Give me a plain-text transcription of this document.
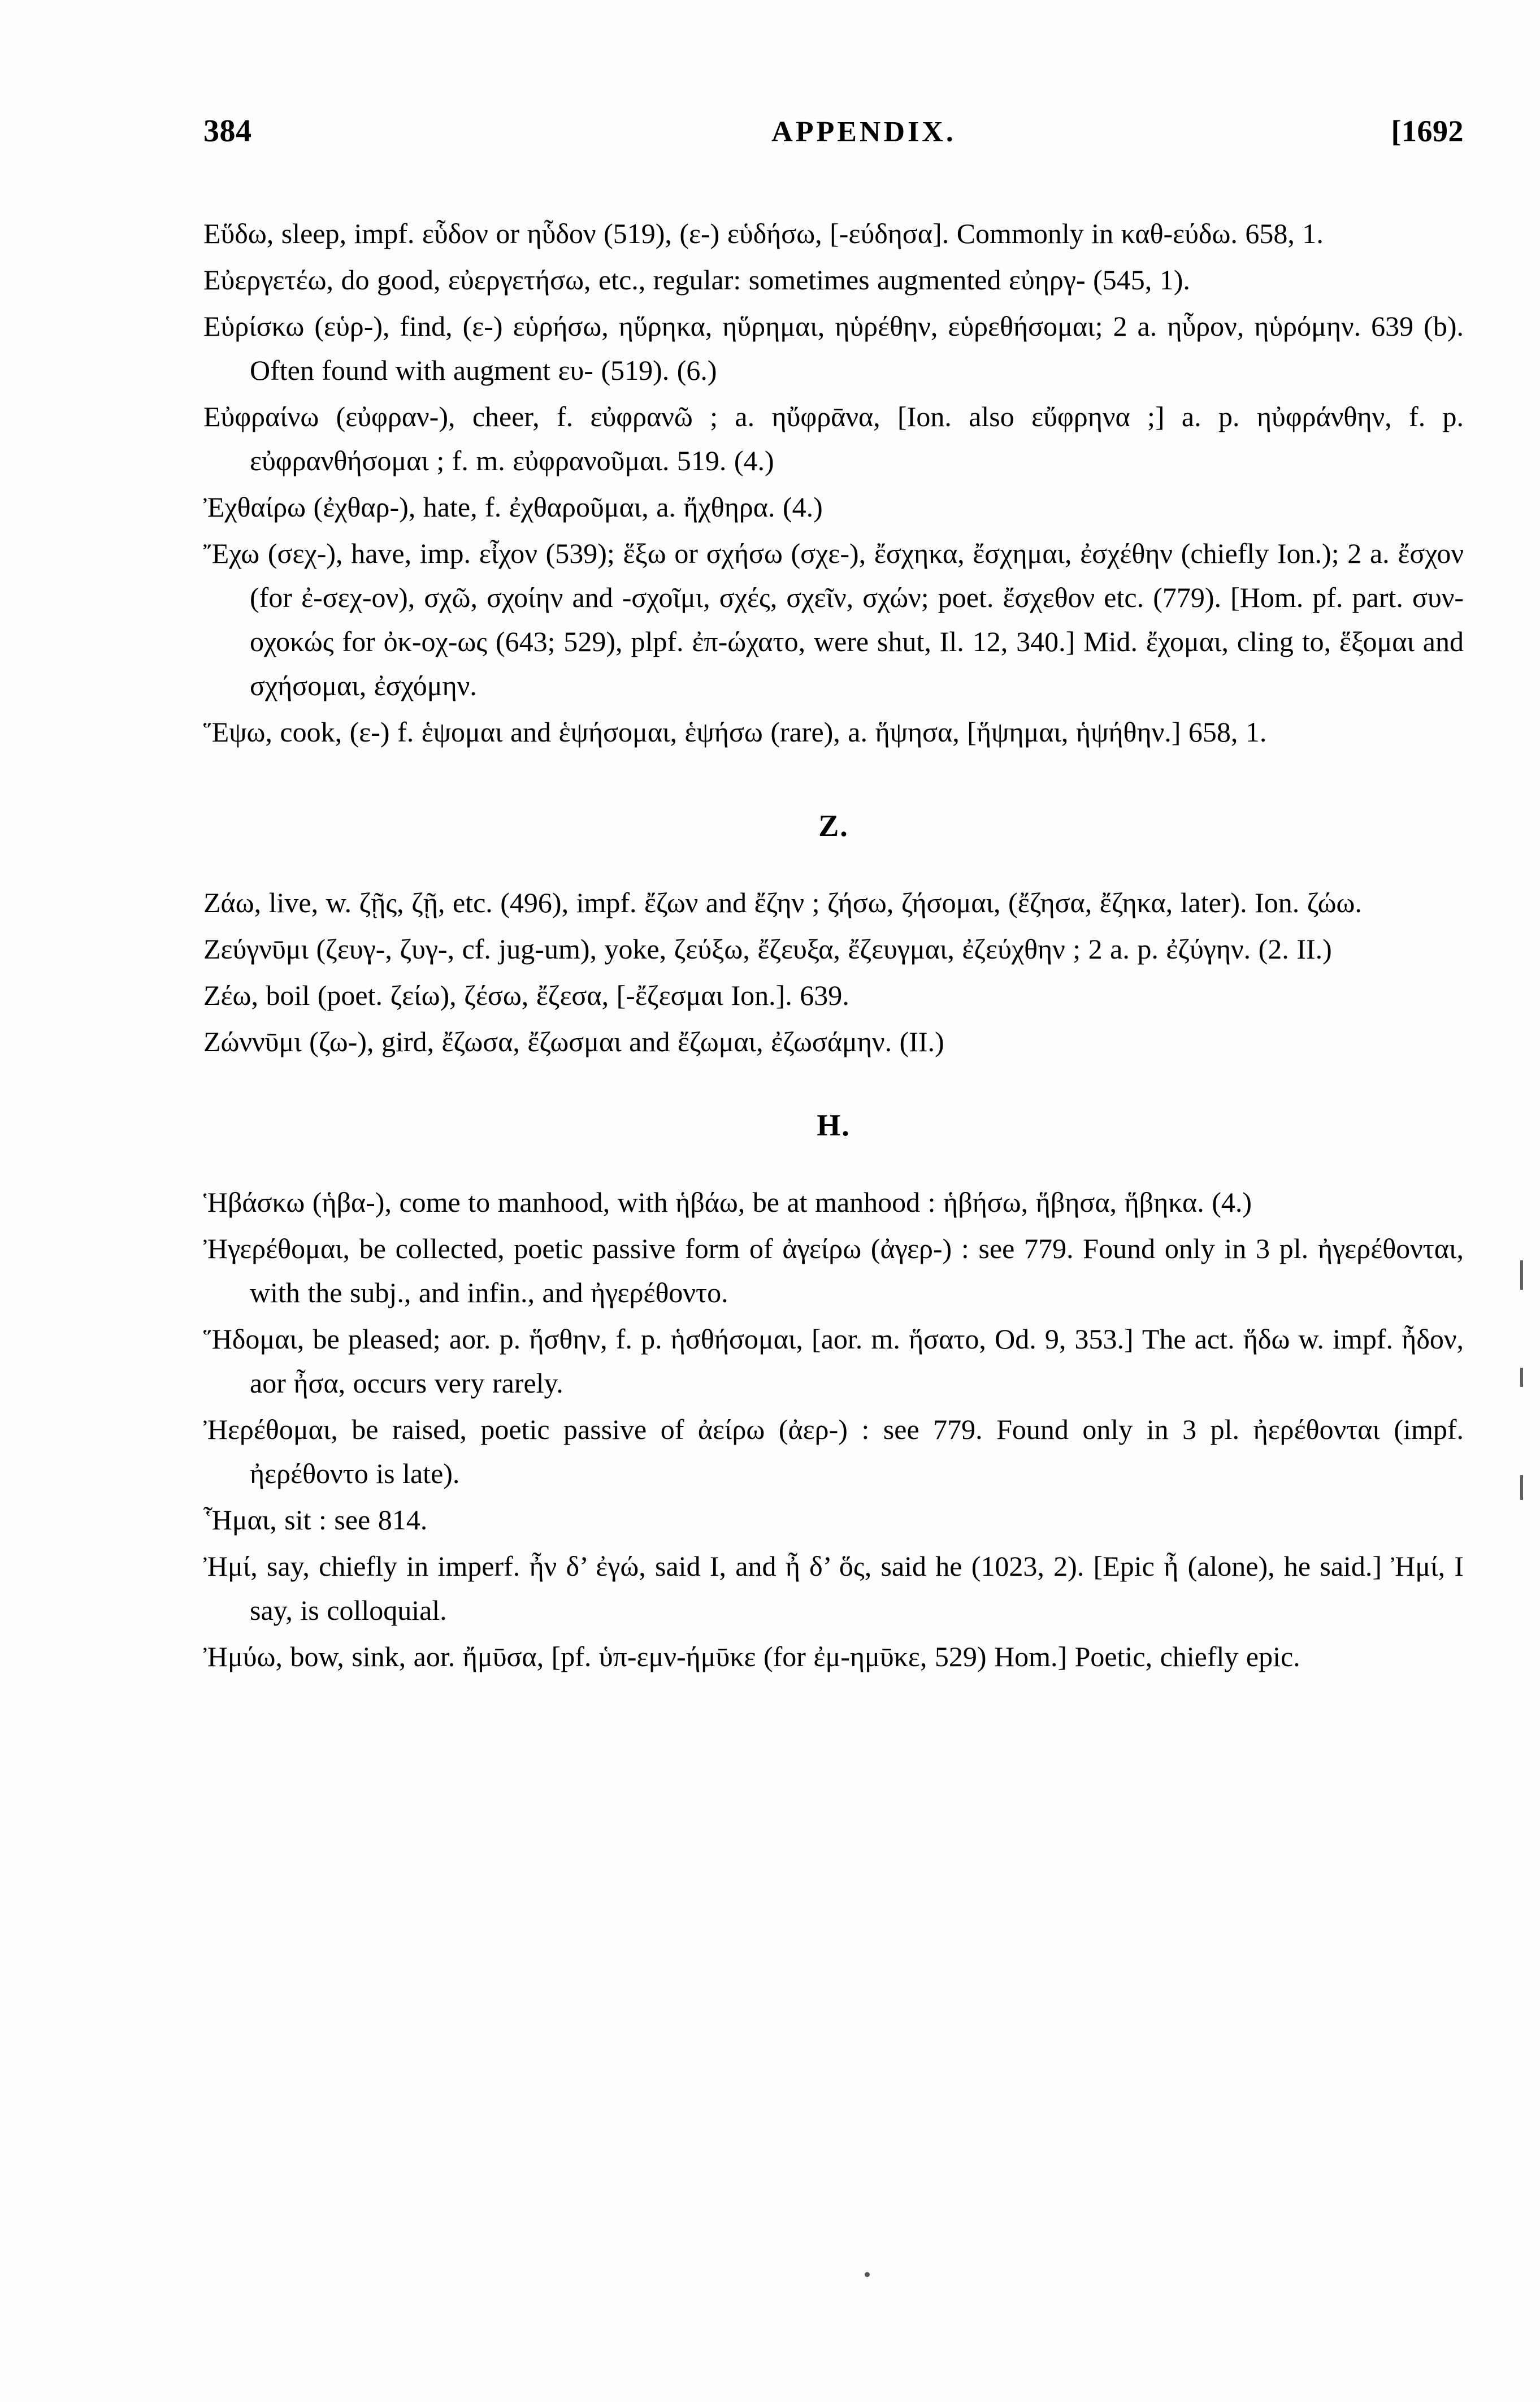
384	APPENDIX.	[1692

Εὕδω, sleep, impf. εὗδον or ηὗδον (519), (ε-) εὑδήσω, [-εύδησα]. Commonly in καθ-εύδω. 658, 1.

Εὐεργετέω, do good, εὐεργετήσω, etc., regular: sometimes augmented εὐηργ- (545, 1).

Εὑρίσκω (εὑρ-), find, (ε-) εὑρήσω, ηὕρηκα, ηὕρημαι, ηὑρέθην, εὑρεθήσομαι; 2 a. ηὗρον, ηὑρόμην. 639 (b). Often found with augment ευ- (519). (6.)

Εὐφραίνω (εὐφραν-), cheer, f. εὐφρανῶ ; a. ηὔφρᾱνα, [Ion. also εὔφρηνα ;] a. p. ηὐφράνθην, f. p. εὐφρανθήσομαι ; f. m. εὐφρανοῦμαι. 519. (4.)

Ἐχθαίρω (ἐχθαρ-), hate, f. ἐχθαροῦμαι, a. ἤχθηρα. (4.)

Ἔχω (σεχ-), have, imp. εἶχον (539); ἕξω or σχήσω (σχε-), ἔσχηκα, ἔσχημαι, ἐσχέθην (chiefly Ion.); 2 a. ἔσχον (for ἐ-σεχ-ον), σχῶ, σχοίην and -σχοῖμι, σχές, σχεῖν, σχών; poet. ἔσχεθον etc. (779). [Hom. pf. part. συν-οχοκώς for ὀκ-οχ-ως (643; 529), plpf. ἐπ-ώχατο, were shut, Il. 12, 340.] Mid. ἔχομαι, cling to, ἕξομαι and σχήσομαι, ἐσχόμην.

Ἕψω, cook, (ε-) f. ἑψομαι and ἑψήσομαι, ἑψήσω (rare), a. ἥψησα, [ἥψημαι, ἡψήθην.] 658, 1.

Z.

Ζάω, live, w. ζῇς, ζῇ, etc. (496), impf. ἔζων and ἔζην ; ζήσω, ζήσομαι, (ἔζησα, ἔζηκα, later). Ion. ζώω.

Ζεύγνῡμι (ζευγ-, ζυγ-, cf. jug-um), yoke, ζεύξω, ἔζευξα, ἔζευγμαι, ἐζεύχθην ; 2 a. p. ἐζύγην. (2. II.)

Ζέω, boil (poet. ζείω), ζέσω, ἔζεσα, [-ἔζεσμαι Ion.]. 639.

Ζώννῡμι (ζω-), gird, ἔζωσα, ἔζωσμαι and ἔζωμαι, ἐζωσάμην. (II.)

H.

Ἡβάσκω (ἡβα-), come to manhood, with ἡβάω, be at manhood : ἡβήσω, ἥβησα, ἥβηκα. (4.)

Ἠγερέθομαι, be collected, poetic passive form of ἀγείρω (ἀγερ-) : see 779. Found only in 3 pl. ἠγερέθονται, with the subj., and infin., and ἠγερέθοντο.

Ἥδομαι, be pleased; aor. p. ἥσθην, f. p. ἡσθήσομαι, [aor. m. ἥσατο, Od. 9, 353.] The act. ἥδω w. impf. ἦδον, aor ἦσα, occurs very rarely.

Ἠερέθομαι, be raised, poetic passive of ἀείρω (ἀερ-) : see 779. Found only in 3 pl. ἠερέθονται (impf. ἠερέθοντο is late).

Ἧμαι, sit : see 814.

Ἠμί, say, chiefly in imperf. ἦν δ’ ἐγώ, said I, and ἦ δ’ ὅς, said he (1023, 2). [Epic ἦ (alone), he said.] Ἠμί, I say, is colloquial.

Ἠμύω, bow, sink, aor. ἤμῡσα, [pf. ὑπ-εμν-ήμῡκε (for ἐμ-ημῡκε, 529) Hom.] Poetic, chiefly epic.
